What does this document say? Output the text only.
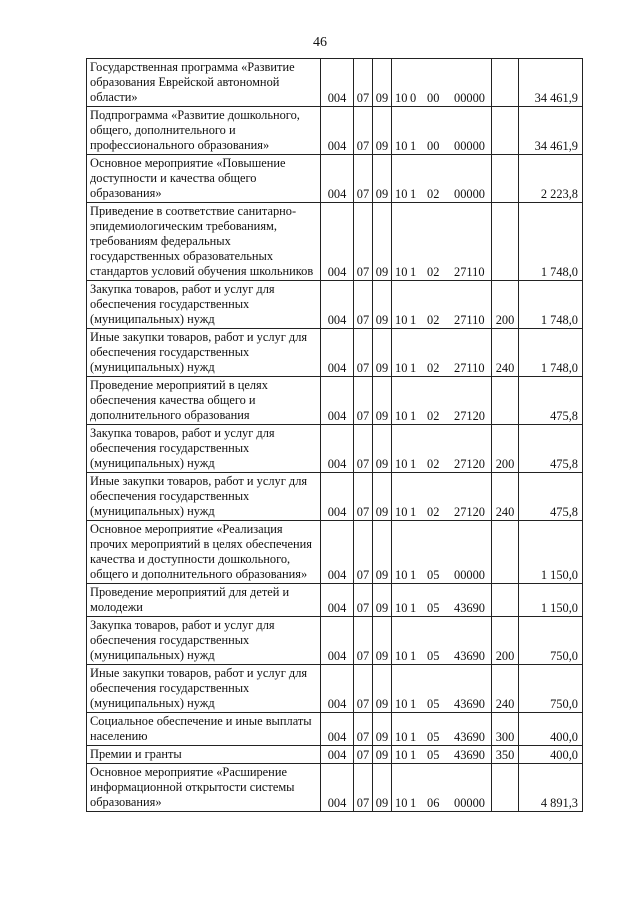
46
Государственная программа «Развитие образования Еврейской автономной области»	004	07	09	10 0 00 00000		34 461,9
Подпрограмма «Развитие дошкольного, общего, дополнительного и профессионального образования»	004	07	09	10 1 00 00000		34 461,9
Основное мероприятие «Повышение доступности и качества общего образования»	004	07	09	10 1 02 00000		2 223,8
Приведение в соответствие санитарно-эпидемиологическим требованиям, требованиям федеральных государственных образовательных стандартов условий обучения школьников	004	07	09	10 1 02 27110		1 748,0
Закупка товаров, работ и услуг для обеспечения государственных (муниципальных) нужд	004	07	09	10 1 02 27110	200	1 748,0
Иные закупки товаров, работ и услуг для обеспечения государственных (муниципальных) нужд	004	07	09	10 1 02 27110	240	1 748,0
Проведение мероприятий в целях обеспечения качества общего и дополнительного образования	004	07	09	10 1 02 27120		475,8
Закупка товаров, работ и услуг для обеспечения государственных (муниципальных) нужд	004	07	09	10 1 02 27120	200	475,8
Иные закупки товаров, работ и услуг для обеспечения государственных (муниципальных) нужд	004	07	09	10 1 02 27120	240	475,8
Основное мероприятие «Реализация прочих мероприятий в целях обеспечения качества и доступности дошкольного, общего и дополнительного образования»	004	07	09	10 1 05 00000		1 150,0
Проведение мероприятий для детей и молодежи	004	07	09	10 1 05 43690		1 150,0
Закупка товаров, работ и услуг для обеспечения государственных (муниципальных) нужд	004	07	09	10 1 05 43690	200	750,0
Иные закупки товаров, работ и услуг для обеспечения государственных (муниципальных) нужд	004	07	09	10 1 05 43690	240	750,0
Социальное обеспечение и иные выплаты населению	004	07	09	10 1 05 43690	300	400,0
Премии и гранты	004	07	09	10 1 05 43690	350	400,0
Основное мероприятие «Расширение информационной открытости системы образования»	004	07	09	10 1 06 00000		4 891,3
